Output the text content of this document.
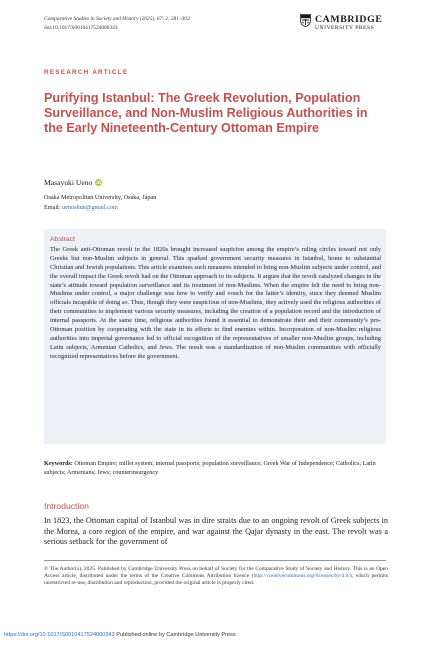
Comparative Studies in Society and History (2025), 67: 2, 281–302
doi:10.1017/S0010417524000343
CAMBRIDGE
UNIVERSITY PRESS
RESEARCH ARTICLE
Purifying Istanbul: The Greek Revolution, Population Surveillance, and Non-Muslim Religious Authorities in the Early Nineteenth-Century Ottoman Empire
Masayuki Ueno iD
Osaka Metropolitan University, Osaka, Japan
Email: uenoshun@gmail.com
Abstract
The Greek anti-Ottoman revolt in the 1820s brought increased suspicion among the empire’s ruling circles toward not only Greeks but non-Muslim subjects in general. This sparked government security measures in Istanbul, home to substantial Christian and Jewish populations. This article examines such measures intended to bring non-Muslim subjects under control, and the overall impact the Greek revolt had on the Ottoman approach to its subjects. It argues that the revolt catalyzed changes in the state’s attitude toward population surveillance and its treatment of non-Muslims. When the empire felt the need to bring non-Muslims under control, a major challenge was how to verify and vouch for the latter’s identity, since they deemed Muslim officials incapable of doing so. Thus, though they were suspicious of non-Muslims, they actively used the religious authorities of their communities to implement various security measures, including the creation of a population record and the introduction of internal passports. At the same time, religious authorities found it essential to demonstrate their and their community’s pro-Ottoman position by cooperating with the state in its efforts to find enemies within. Incorporation of non-Muslim religious authorities into imperial governance led to official recognition of the representatives of smaller non-Muslim groups, including Latin subjects, Armenian Catholics, and Jews. The result was a standardization of non-Muslim communities with officially recognized representatives before the government.
Keywords: Ottoman Empire; millet system; internal passports; population surveillance; Greek War of Independence; Catholics; Latin subjects; Armenians; Jews; counterinsurgency
Introduction
In 1823, the Ottoman capital of Istanbul was in dire straits due to an ongoing revolt of Greek subjects in the Morea, a core region of the empire, and war against the Qajar dynasty in the east. The revolt was a serious setback for the government of
© The Author(s), 2025. Published by Cambridge University Press on behalf of Society for the Comparative Study of Society and History. This is an Open Access article, distributed under the terms of the Creative Commons Attribution licence (http://creativecommons.org/licenses/by/4.0/), which permits unrestricted re-use, distribution and reproduction, provided the original article is properly cited.
https://doi.org/10.1017/S0010417524000343 Published online by Cambridge University Press
